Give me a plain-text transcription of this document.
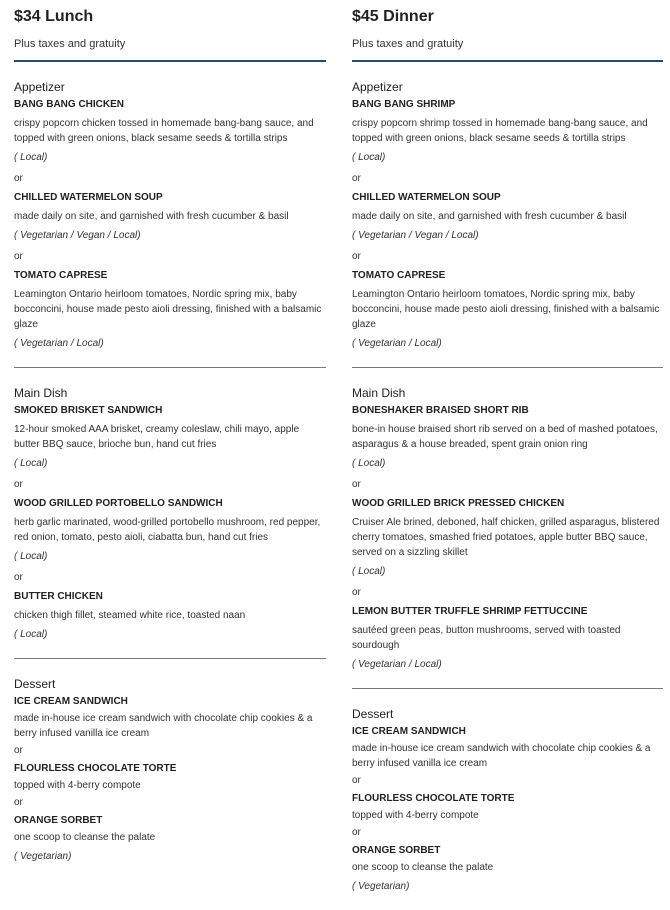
$34 Lunch
Plus taxes and gratuity
Appetizer
BANG BANG CHICKEN
crispy popcorn chicken tossed in homemade bang-bang sauce, and topped with green onions, black sesame seeds & tortilla strips
( Local)
or
CHILLED WATERMELON SOUP
made daily on site, and garnished with fresh cucumber & basil
( Vegetarian / Vegan / Local)
or
TOMATO CAPRESE
Leamington Ontario heirloom tomatoes, Nordic spring mix, baby bocconcini, house made pesto aioli dressing, finished with a balsamic glaze
( Vegetarian / Local)
Main Dish
SMOKED BRISKET SANDWICH
12-hour smoked AAA brisket, creamy coleslaw, chili mayo, apple butter BBQ sauce, brioche bun, hand cut fries
( Local)
or
WOOD GRILLED PORTOBELLO SANDWICH
herb garlic marinated, wood-grilled portobello mushroom, red pepper, red onion, tomato, pesto aioli, ciabatta bun, hand cut fries
( Local)
or
BUTTER CHICKEN
chicken thigh fillet, steamed white rice, toasted naan
( Local)
Dessert
ICE CREAM SANDWICH
made in-house ice cream sandwich with chocolate chip cookies & a berry infused vanilla ice cream
or
FLOURLESS CHOCOLATE TORTE
topped with 4-berry compote
or
ORANGE SORBET
one scoop to cleanse the palate
( Vegetarian)
$45 Dinner
Plus taxes and gratuity
Appetizer
BANG BANG SHRIMP
crispy popcorn shrimp tossed in homemade bang-bang sauce, and topped with green onions, black sesame seeds & tortilla strips
( Local)
or
CHILLED WATERMELON SOUP
made daily on site, and garnished with fresh cucumber & basil
( Vegetarian / Vegan / Local)
or
TOMATO CAPRESE
Leamington Ontario heirloom tomatoes, Nordic spring mix, baby bocconcini, house made pesto aioli dressing, finished with a balsamic glaze
( Vegetarian / Local)
Main Dish
BONESHAKER BRAISED SHORT RIB
bone-in house braised short rib served on a bed of mashed potatoes, asparagus & a house breaded, spent grain onion ring
( Local)
or
WOOD GRILLED BRICK PRESSED CHICKEN
Cruiser Ale brined, deboned, half chicken, grilled asparagus, blistered cherry tomatoes, smashed fried potatoes, apple butter BBQ sauce, served on a sizzling skillet
( Local)
or
LEMON BUTTER TRUFFLE SHRIMP FETTUCCINE
sautéed green peas, button mushrooms, served with toasted sourdough
( Vegetarian / Local)
Dessert
ICE CREAM SANDWICH
made in-house ice cream sandwich with chocolate chip cookies & a berry infused vanilla ice cream
or
FLOURLESS CHOCOLATE TORTE
topped with 4-berry compote
or
ORANGE SORBET
one scoop to cleanse the palate
( Vegetarian)
